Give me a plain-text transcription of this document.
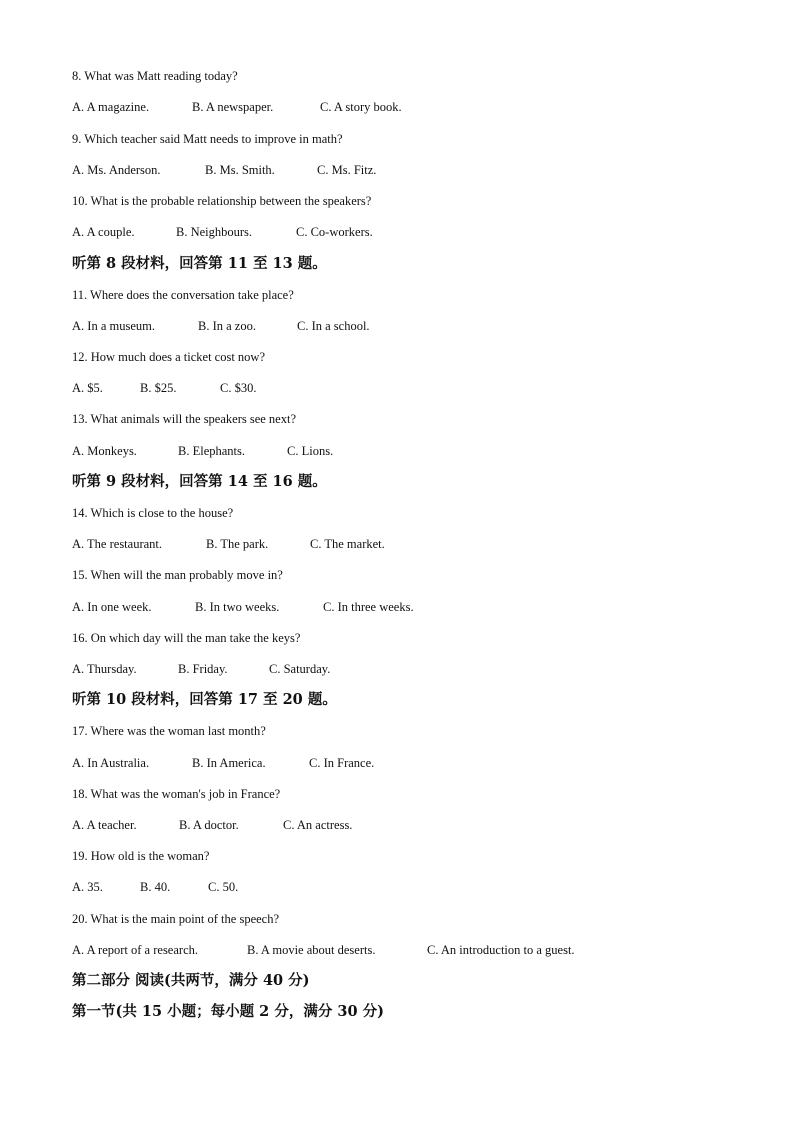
8. What was Matt reading today?
A. A magazine.	B. A newspaper.	C. A story book.
9. Which teacher said Matt needs to improve in math?
A. Ms. Anderson.	B. Ms. Smith.	C. Ms. Fitz.
10. What is the probable relationship between the speakers?
A. A couple.	B. Neighbours.	C. Co-workers.
听第 8 段材料，回答第 11 至 13 题。
11. Where does the conversation take place?
A. In a museum.	B. In a zoo.	C. In a school.
12. How much does a ticket cost now?
A. $5.	B. $25.	C. $30.
13. What animals will the speakers see next?
A. Monkeys.	B. Elephants.	C. Lions.
听第 9 段材料，回答第 14 至 16 题。
14. Which is close to the house?
A. The restaurant.	B. The park.	C. The market.
15. When will the man probably move in?
A. In one week.	B. In two weeks.	C. In three weeks.
16. On which day will the man take the keys?
A. Thursday.	B. Friday.	C. Saturday.
听第 10 段材料，回答第 17 至 20 题。
17. Where was the woman last month?
A. In Australia.	B. In America.	C. In France.
18. What was the woman's job in France?
A. A teacher.	B. A doctor.	C. An actress.
19. How old is the woman?
A. 35.	B. 40.	C. 50.
20. What is the main point of the speech?
A. A report of a research.	B. A movie about deserts.	C. An introduction to a guest.
第二部分 阅读(共两节，满分 40 分)
第一节(共 15 小题；每小题 2 分，满分 30 分)
